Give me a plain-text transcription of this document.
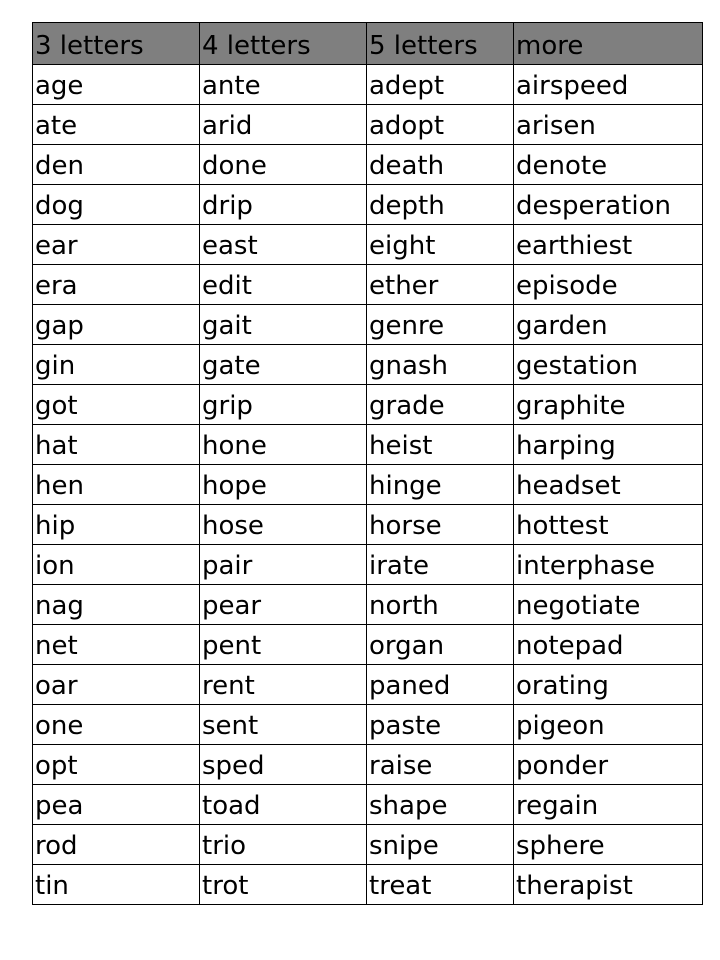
3 letters	4 letters	5 letters	more
age	ante	adept	airspeed
ate	arid	adopt	arisen
den	done	death	denote
dog	drip	depth	desperation
ear	east	eight	earthiest
era	edit	ether	episode
gap	gait	genre	garden
gin	gate	gnash	gestation
got	grip	grade	graphite
hat	hone	heist	harping
hen	hope	hinge	headset
hip	hose	horse	hottest
ion	pair	irate	interphase
nag	pear	north	negotiate
net	pent	organ	notepad
oar	rent	paned	orating
one	sent	paste	pigeon
opt	sped	raise	ponder
pea	toad	shape	regain
rod	trio	snipe	sphere
tin	trot	treat	therapist
